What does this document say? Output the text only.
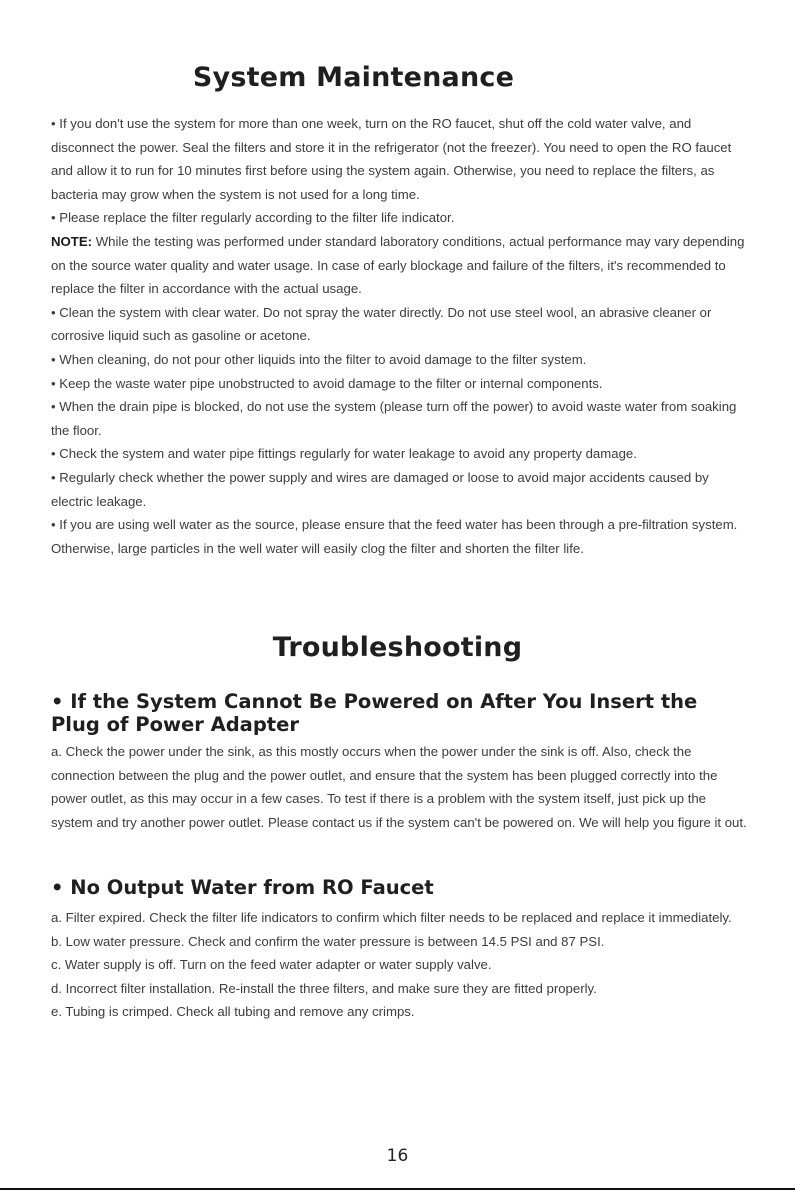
System Maintenance

• If you don't use the system for more than one week, turn on the RO faucet, shut off the cold water valve, and disconnect the power. Seal the filters and store it in the refrigerator (not the freezer). You need to open the RO faucet and allow it to run for 10 minutes first before using the system again. Otherwise, you need to replace the filters, as bacteria may grow when the system is not used for a long time.

• Please replace the filter regularly according to the filter life indicator.

NOTE: While the testing was performed under standard laboratory conditions, actual performance may vary depending on the source water quality and water usage. In case of early blockage and failure of the filters, it's recommended to replace the filter in accordance with the actual usage.

• Clean the system with clear water. Do not spray the water directly. Do not use steel wool, an abrasive cleaner or corrosive liquid such as gasoline or acetone.

• When cleaning, do not pour other liquids into the filter to avoid damage to the filter system.

• Keep the waste water pipe unobstructed to avoid damage to the filter or internal components.

• When the drain pipe is blocked, do not use the system (please turn off the power) to avoid waste water from soaking the floor.

• Check the system and water pipe fittings regularly for water leakage to avoid any property damage.

• Regularly check whether the power supply and wires are damaged or loose to avoid major accidents caused by electric leakage.

• If you are using well water as the source, please ensure that the feed water has been through a pre-filtration system. Otherwise, large particles in the well water will easily clog the filter and shorten the filter life.

Troubleshooting
• If the System Cannot Be Powered on After You Insert the Plug of Power Adapter

a. Check the power under the sink, as this mostly occurs when the power under the sink is off. Also, check the connection between the plug and the power outlet, and ensure that the system has been plugged correctly into the power outlet, as this may occur in a few cases. To test if there is a problem with the system itself, just pick up the system and try another power outlet. Please contact us if the system can't be powered on. We will help you figure it out.

• No Output Water from RO Faucet

a. Filter expired. Check the filter life indicators to confirm which filter needs to be replaced and replace it immediately.

b. Low water pressure. Check and confirm the water pressure is between 14.5 PSI and 87 PSI.

c. Water supply is off. Turn on the feed water adapter or water supply valve.

d. Incorrect filter installation. Re-install the three filters, and make sure they are fitted properly.

e. Tubing is crimped. Check all tubing and remove any crimps.

16
